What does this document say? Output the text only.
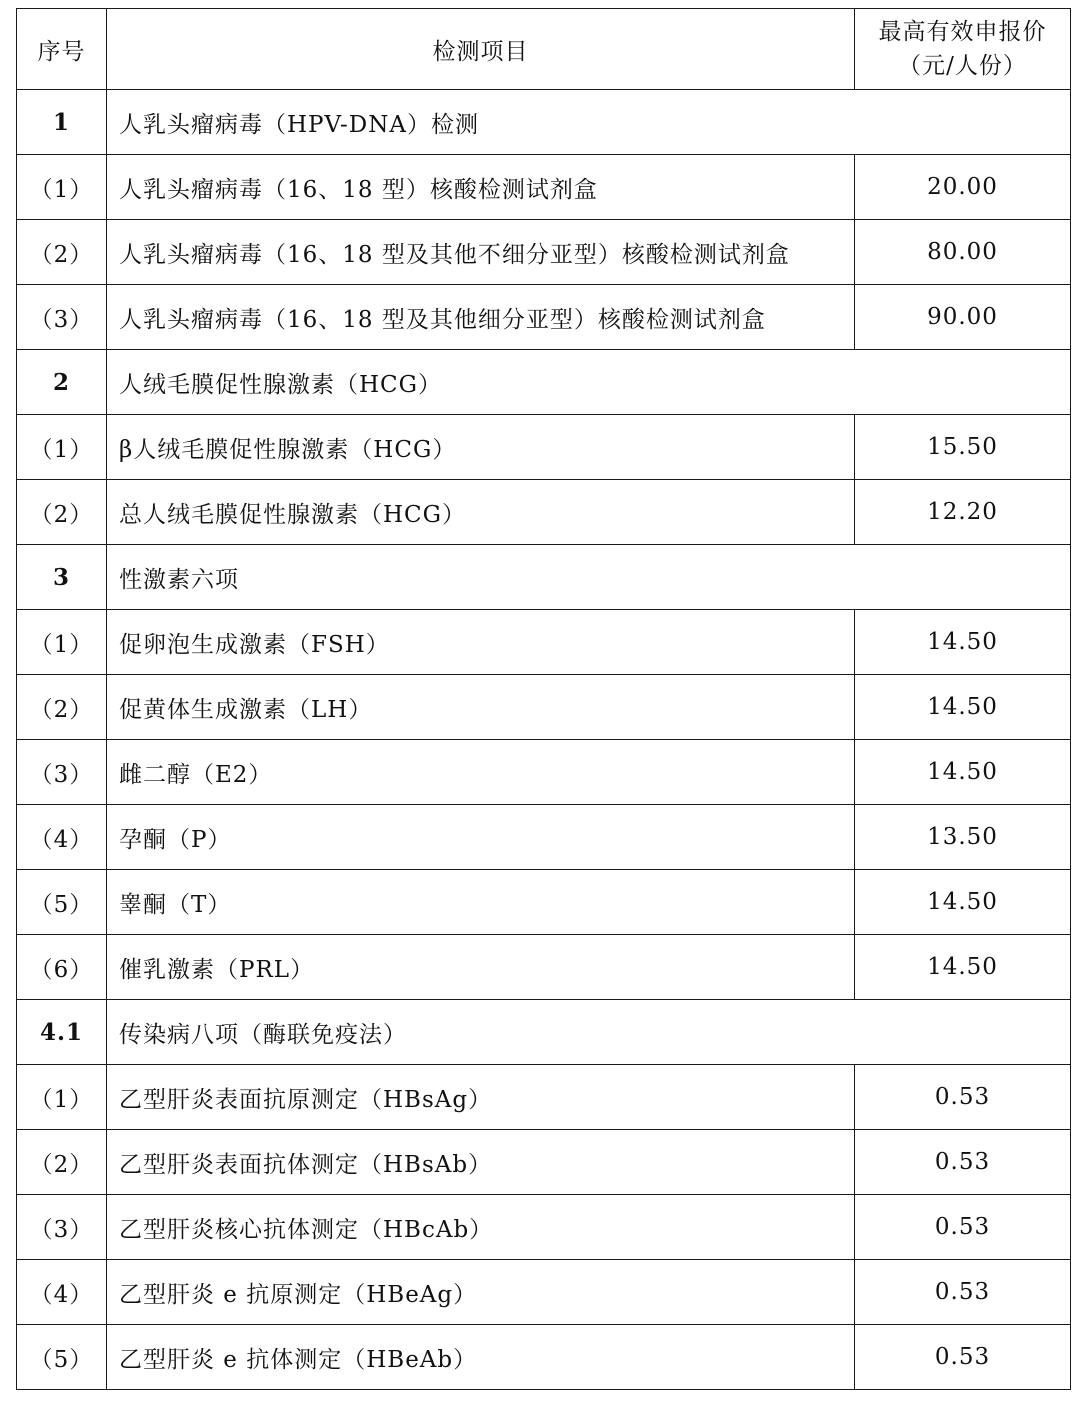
序号	检测项目	最高有效申报价
（元/人份）

1	人乳头瘤病毒（HPV-DNA）检测	
（1）	人乳头瘤病毒（16、18 型）核酸检测试剂盒	20.00
（2）	人乳头瘤病毒（16、18 型及其他不细分亚型）核酸检测试剂盒	80.00
（3）	人乳头瘤病毒（16、18 型及其他细分亚型）核酸检测试剂盒	90.00
2	人绒毛膜促性腺激素（HCG）	
（1）	β人绒毛膜促性腺激素（HCG）	15.50
（2）	总人绒毛膜促性腺激素（HCG）	12.20
3	性激素六项	
（1）	促卵泡生成激素（FSH）	14.50
（2）	促黄体生成激素（LH）	14.50
（3）	雌二醇（E2）	14.50
（4）	孕酮（P）	13.50
（5）	睾酮（T）	14.50
（6）	催乳激素（PRL）	14.50
4.1	传染病八项（酶联免疫法）	
（1）	乙型肝炎表面抗原测定（HBsAg）	0.53
（2）	乙型肝炎表面抗体测定（HBsAb）	0.53
（3）	乙型肝炎核心抗体测定（HBcAb）	0.53
（4）	乙型肝炎 e 抗原测定（HBeAg）	0.53
（5）	乙型肝炎 e 抗体测定（HBeAb）	0.53
